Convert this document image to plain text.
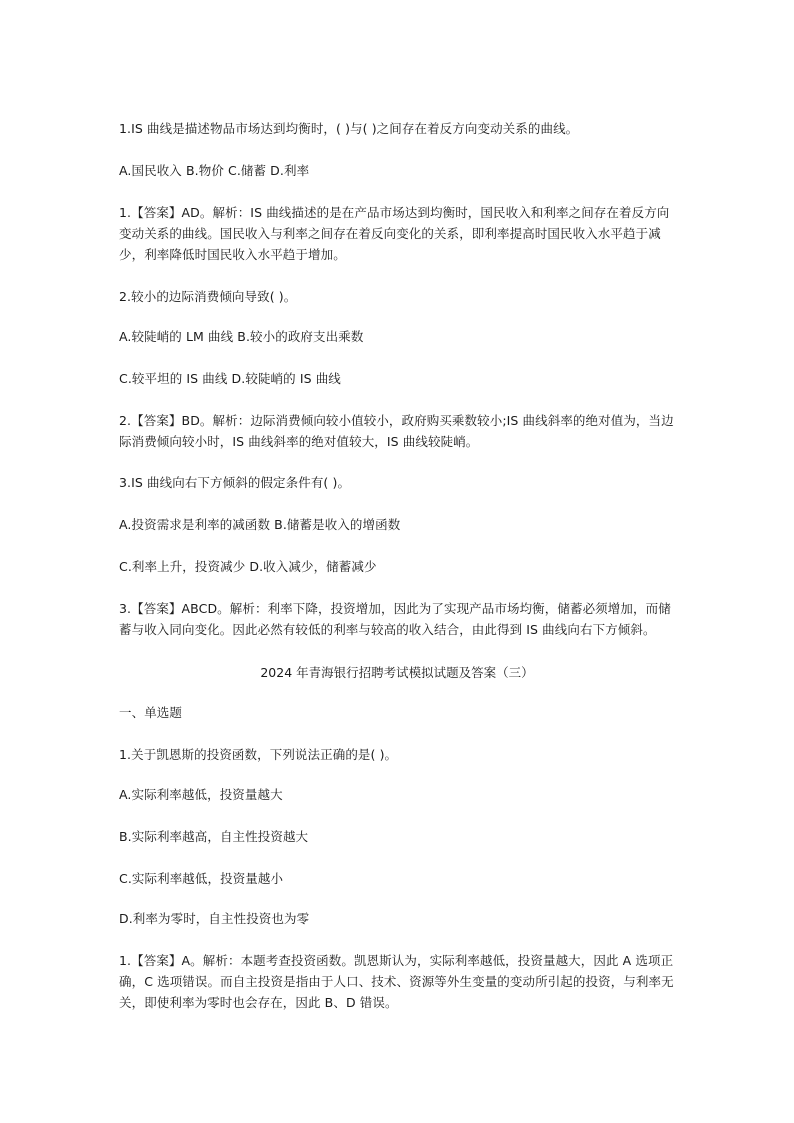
1.IS 曲线是描述物品市场达到均衡时，( )与( )之间存在着反方向变动关系的曲线。

A.国民收入 B.物价 C.储蓄 D.利率

1.【答案】AD。解析：IS 曲线描述的是在产品市场达到均衡时，国民收入和利率之间存在着反方向变动关系的曲线。国民收入与利率之间存在着反向变化的关系，即利率提高时国民收入水平趋于减少，利率降低时国民收入水平趋于增加。

2.较小的边际消费倾向导致( )。

A.较陡峭的 LM 曲线 B.较小的政府支出乘数

C.较平坦的 IS 曲线 D.较陡峭的 IS 曲线

2.【答案】BD。解析：边际消费倾向较小值较小，政府购买乘数较小;IS 曲线斜率的绝对值为，当边际消费倾向较小时，IS 曲线斜率的绝对值较大，IS 曲线较陡峭。

3.IS 曲线向右下方倾斜的假定条件有( )。

A.投资需求是利率的减函数 B.储蓄是收入的增函数

C.利率上升，投资减少 D.收入减少，储蓄减少

3.【答案】ABCD。解析：利率下降，投资增加，因此为了实现产品市场均衡，储蓄必须增加，而储蓄与收入同向变化。因此必然有较低的利率与较高的收入结合，由此得到 IS 曲线向右下方倾斜。

2024 年青海银行招聘考试模拟试题及答案（三）

一、单选题

1.关于凯恩斯的投资函数，下列说法正确的是( )。

A.实际利率越低，投资量越大

B.实际利率越高，自主性投资越大

C.实际利率越低，投资量越小

D.利率为零时，自主性投资也为零

1.【答案】A。解析：本题考查投资函数。凯恩斯认为，实际利率越低，投资量越大，因此 A 选项正确，C 选项错误。而自主投资是指由于人口、技术、资源等外生变量的变动所引起的投资，与利率无关，即使利率为零时也会存在，因此 B、D 错误。
